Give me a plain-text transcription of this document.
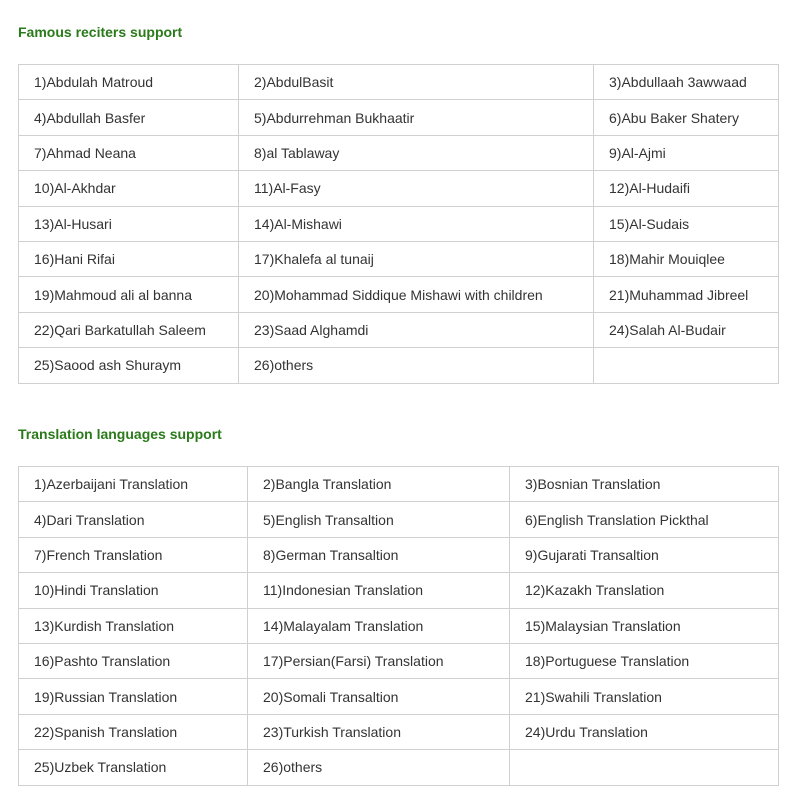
Famous reciters support
1)Abdulah Matroud	2)AbdulBasit	3)Abdullaah 3awwaad
4)Abdullah Basfer	5)Abdurrehman Bukhaatir	6)Abu Baker Shatery
7)Ahmad Neana	8)al Tablaway	9)Al-Ajmi
10)Al-Akhdar	11)Al-Fasy	12)Al-Hudaifi
13)Al-Husari	14)Al-Mishawi	15)Al-Sudais
16)Hani Rifai	17)Khalefa al tunaij	18)Mahir Mouiqlee
19)Mahmoud ali al banna	20)Mohammad Siddique Mishawi with children	21)Muhammad Jibreel
22)Qari Barkatullah Saleem	23)Saad Alghamdi	24)Salah Al-Budair
25)Saood ash Shuraym	26)others	
Translation languages support
1)Azerbaijani Translation	2)Bangla Translation	3)Bosnian Translation
4)Dari Translation	5)English Transaltion	6)English Translation Pickthal
7)French Translation	8)German Transaltion	9)Gujarati Transaltion
10)Hindi Translation	11)Indonesian Translation	12)Kazakh Translation
13)Kurdish Translation	14)Malayalam Translation	15)Malaysian Translation
16)Pashto Translation	17)Persian(Farsi) Translation	18)Portuguese Translation
19)Russian Translation	20)Somali Transaltion	21)Swahili Translation
22)Spanish Translation	23)Turkish Translation	24)Urdu Translation
25)Uzbek Translation	26)others	
